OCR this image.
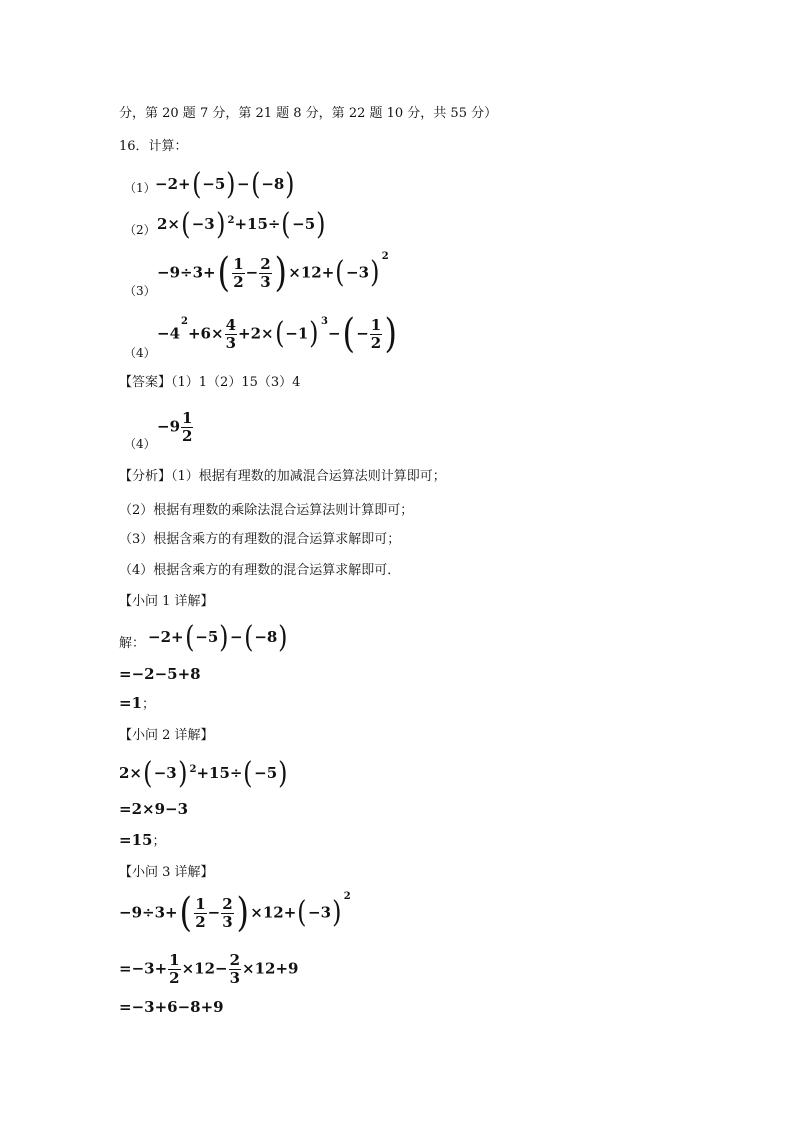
分，第 20 题 7 分，第 21 题 8 分，第 22 题 10 分，共 55 分）
16．计算：
（1） −2+(−5)−(−8)
（2） 2×(−3) $^2$+15÷(−5)
（3）
$-9\div 3+( \frac{1}{2} - \frac{2}{3}$ ) ×12+(−3) $^2$
（4）
$-4^2+6\times \frac{4}{3} +2\times(-1) ^3-( - \frac{1}{2}$ )
【答案】（1）1（2）15（3）4
（4）
$-9 \frac{1}{2}$
【分析】（1）根据有理数的加减混合运算法则计算即可；
（2）根据有理数的乘除法混合运算法则计算即可；
（3）根据含乘方的有理数的混合运算求解即可；
（4）根据含乘方的有理数的混合运算求解即可．
【小问 1 详解】
解： −2+(−5)−(−8)
=−2−5+8
=1；
【小问 2 详解】
2×(−3) $^2$+15÷(−5)
=2×9−3
=15；
【小问 3 详解】
$-9\div 3+( \frac{1}{2} - \frac{2}{3}$ ) ×12+(−3) $^2$
$=-3+ \frac{1}{2} \times 12- \frac{2}{3} \times 12+9$
=−3+6−8+9
